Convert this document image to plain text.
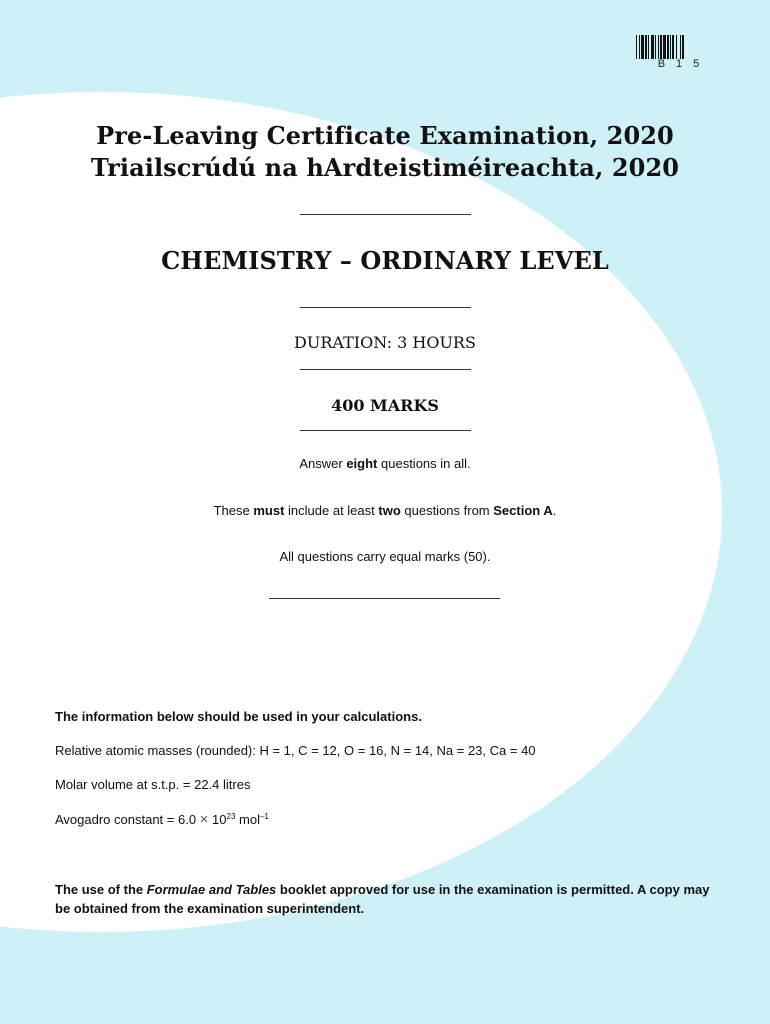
B15
Pre-Leaving Certificate Examination, 2020
Triailscrúdú na hArdteistiméireachta, 2020
CHEMISTRY – ORDINARY LEVEL
DURATION: 3 HOURS
400 MARKS
Answer eight questions in all.
These must include at least two questions from Section A.
All questions carry equal marks (50).
The information below should be used in your calculations.
Relative atomic masses (rounded): H = 1, C = 12, O = 16, N = 14, Na = 23, Ca = 40
Molar volume at s.t.p. = 22.4 litres
Avogadro constant = $6.0 \times 10^{23}$ mol$^{-1}$
The use of the Formulae and Tables booklet approved for use in the examination is permitted. A copy may be obtained from the examination superintendent.
